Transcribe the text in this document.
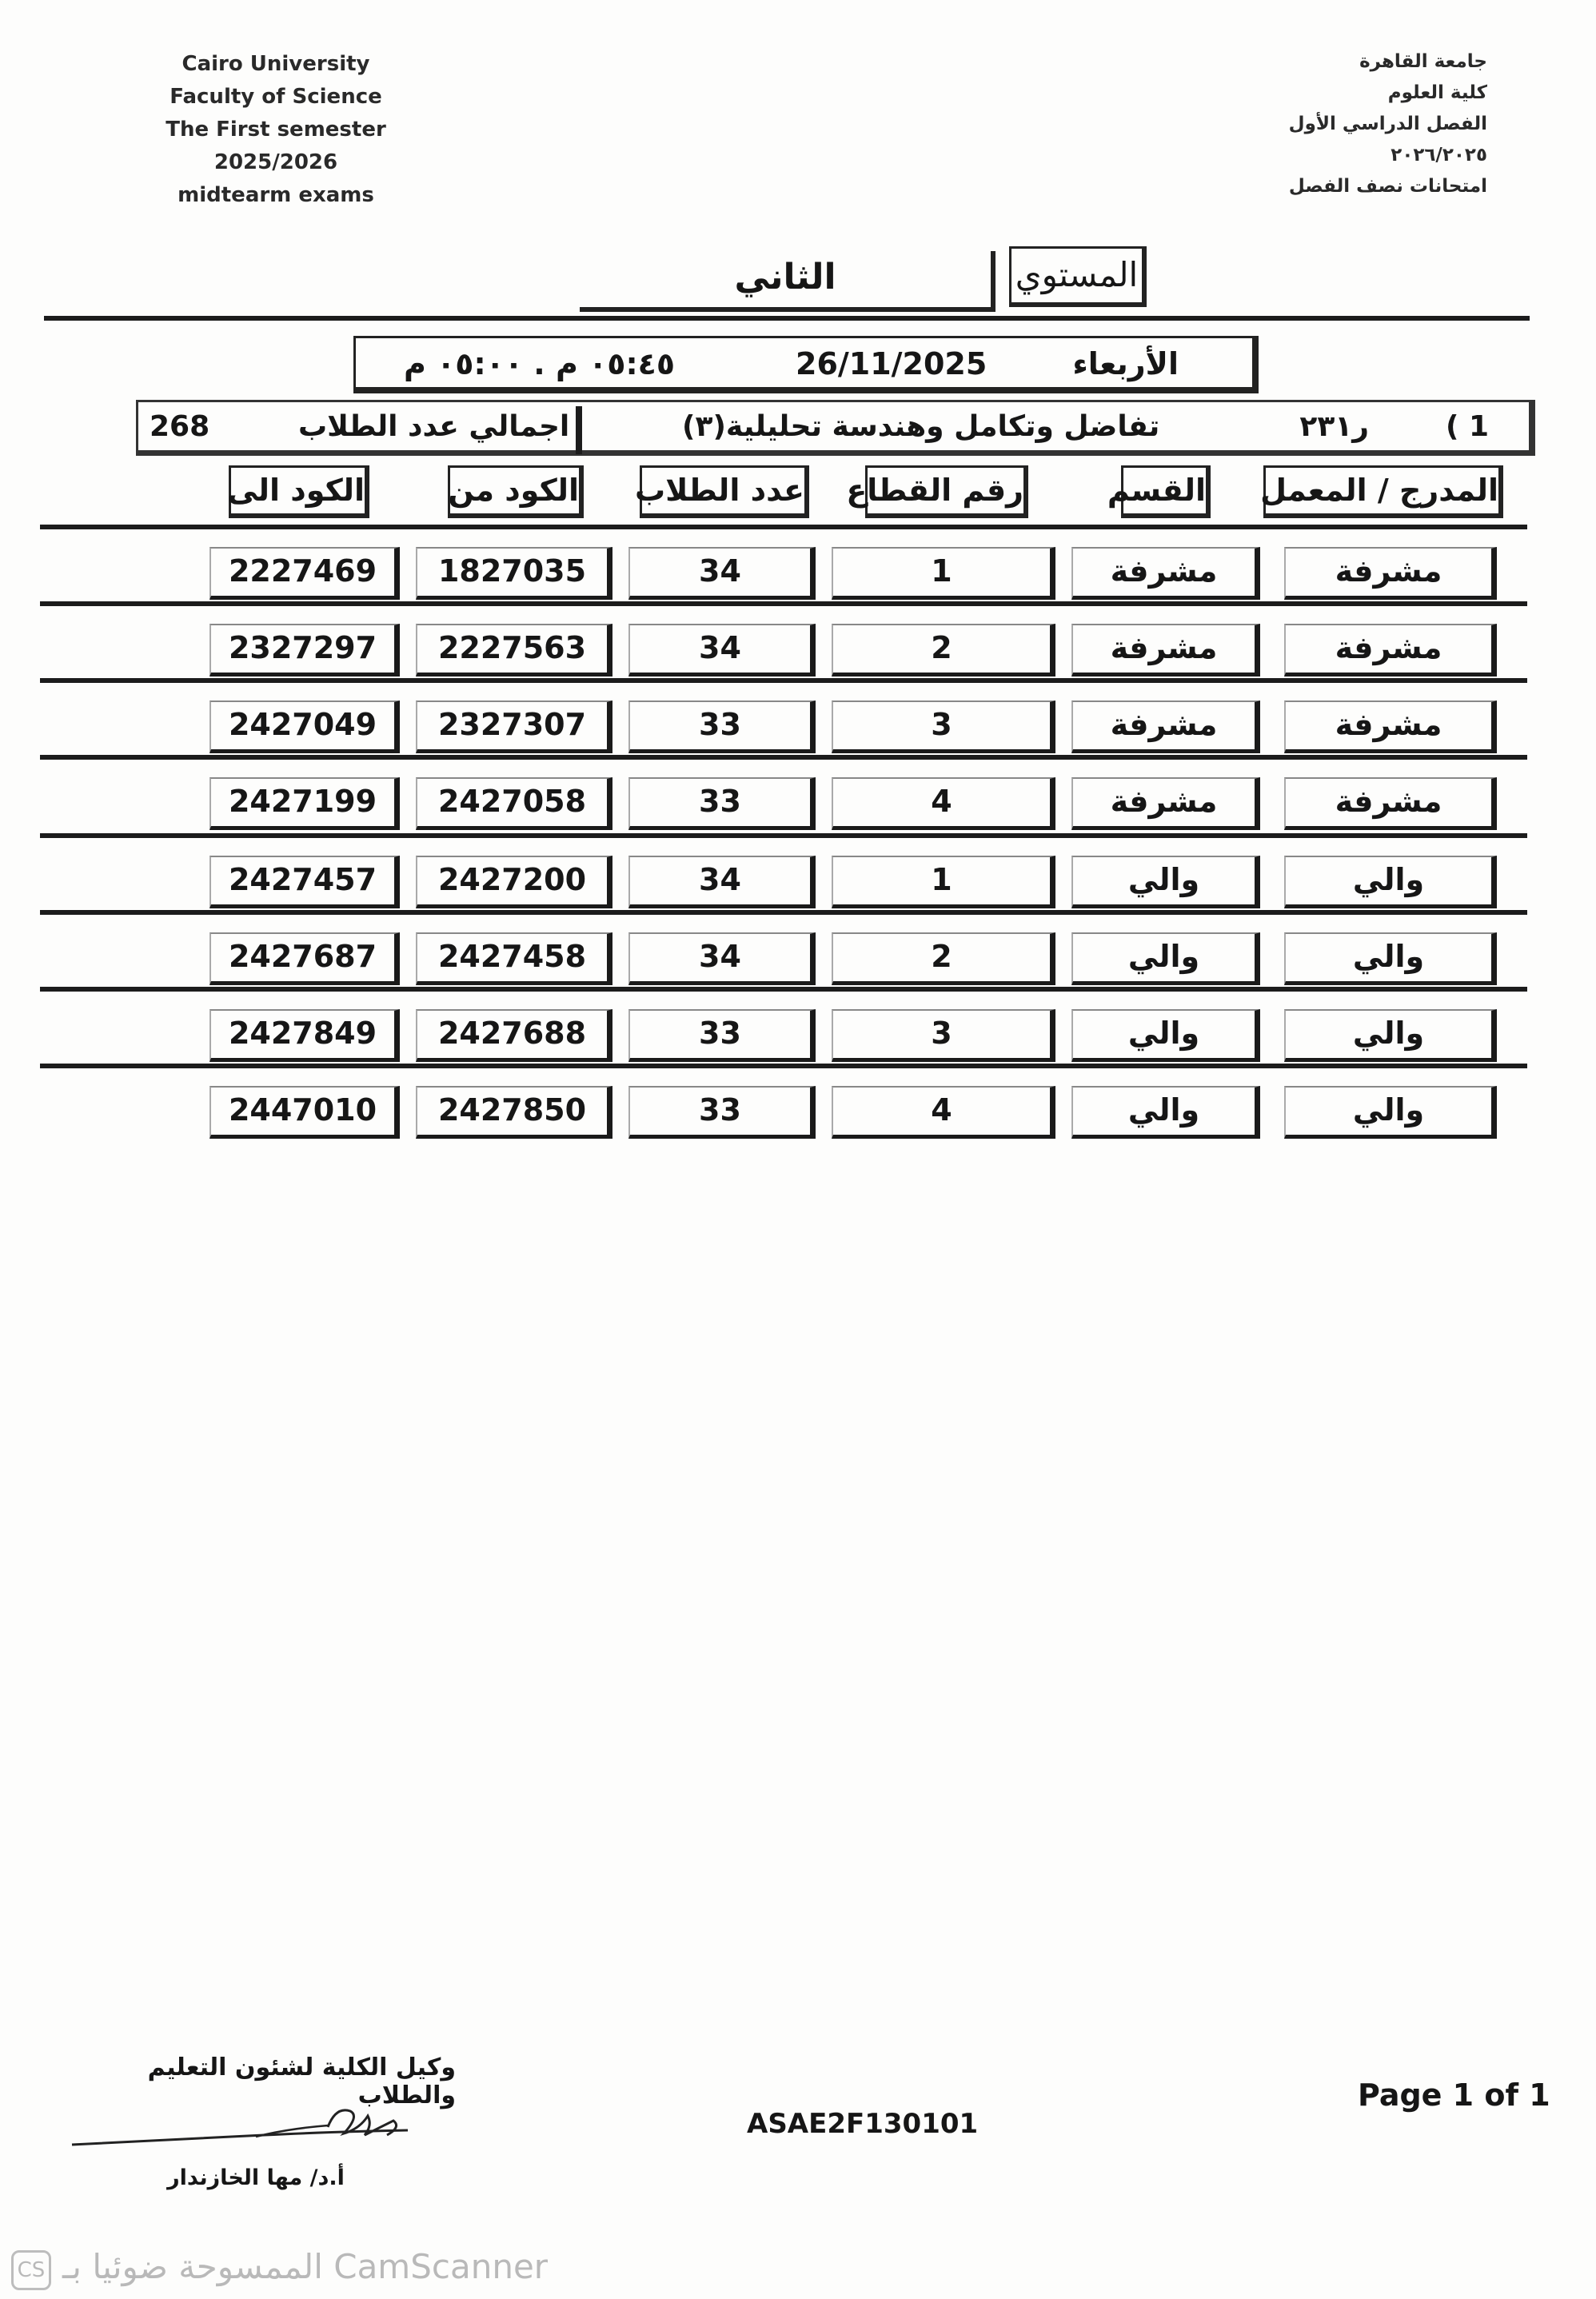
Cairo University
Faculty of Science
The First semester
2025/2026
midtearm exams
جامعة القاهرة
كلية العلوم
الفصل الدراسي الأول
٢٠٢٦/٢٠٢٥
امتحانات نصف الفصل
الثاني	المستوي
الأربعاء
26/11/2025
٠٥:٤٥ م . ٠٥:٠٠ م
1 )
ر٢٣١
تفاضل وتكامل وهندسة تحليلية(٣)
اجمالي عدد الطلاب
268
المدرج / المعمل
القسم
رقم القطاع
عدد الطلاب
الكود من
الكود الى
مشرفة
مشرفة
1
34
1827035
2227469
مشرفة
مشرفة
2
34
2227563
2327297
مشرفة
مشرفة
3
33
2327307
2427049
مشرفة
مشرفة
4
33
2427058
2427199
والي
والي
1
34
2427200
2427457
والي
والي
2
34
2427458
2427687
والي
والي
3
33
2427688
2427849
والي
والي
4
33
2427850
2447010
وكيل الكلية لشئون التعليم والطلاب
أ.د/ مها الخازندار
ASAE2F130101
Page 1 of 1
CS الممسوحة ضوئيا بـ CamScanner
